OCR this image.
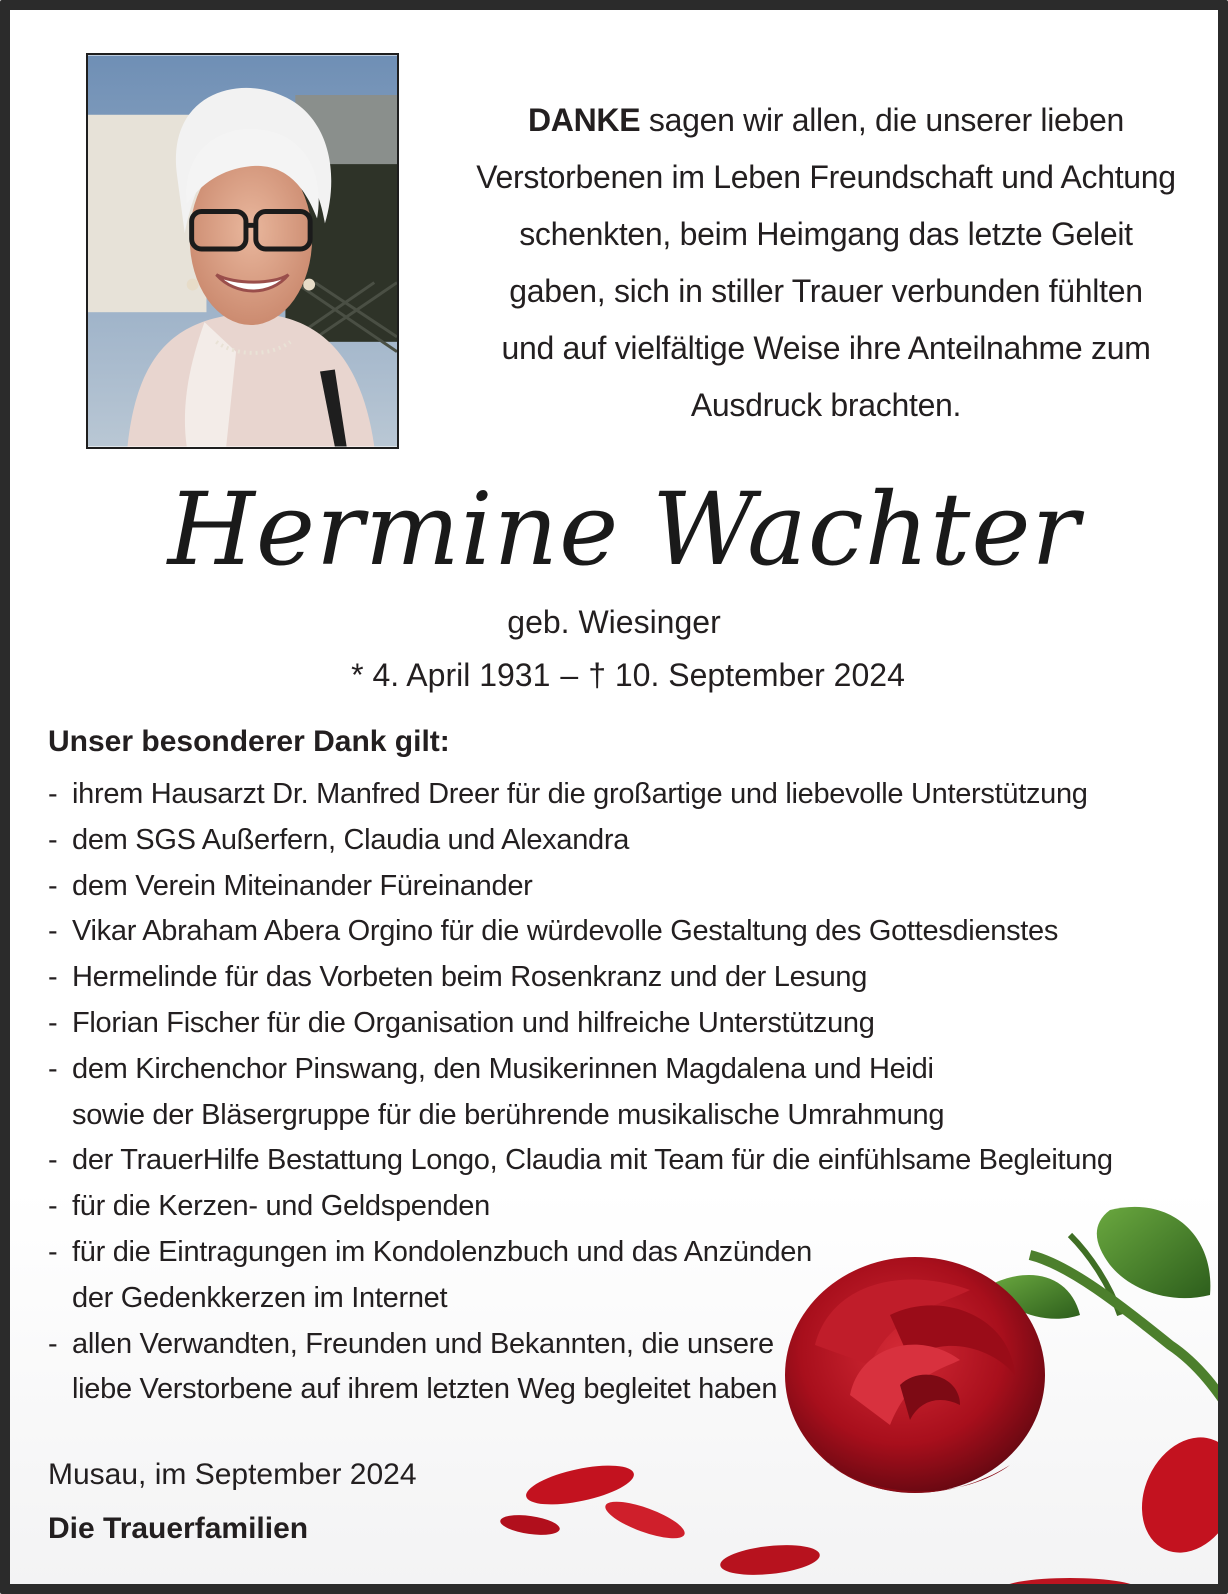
DANKE sagen wir allen, die unserer lieben
Verstorbenen im Leben Freundschaft und Achtung
schenkten, beim Heimgang das letzte Geleit
gaben, sich in stiller Trauer verbunden fühlten
und auf vielfältige Weise ihre Anteilnahme zum
Ausdruck brachten.
Hermine Wachter
geb. Wiesinger
* 4. April 1931 – † 10. September 2024
Unser besonderer Dank gilt:
- ihrem Hausarzt Dr. Manfred Dreer für die großartige und liebevolle Unterstützung
- dem SGS Außerfern, Claudia und Alexandra
- dem Verein Miteinander Füreinander
- Vikar Abraham Abera Orgino für die würdevolle Gestaltung des Gottesdienstes
- Hermelinde für das Vorbeten beim Rosenkranz und der Lesung
- Florian Fischer für die Organisation und hilfreiche Unterstützung
- dem Kirchenchor Pinswang, den Musikerinnen Magdalena und Heidi
sowie der Bläsergruppe für die berührende musikalische Umrahmung
- der TrauerHilfe Bestattung Longo, Claudia mit Team für die einfühlsame Begleitung
- für die Kerzen- und Geldspenden
- für die Eintragungen im Kondolenzbuch und das Anzünden
der Gedenkkerzen im Internet
- allen Verwandten, Freunden und Bekannten, die unsere
liebe Verstorbene auf ihrem letzten Weg begleitet haben
Musau, im September 2024
Die Trauerfamilien
